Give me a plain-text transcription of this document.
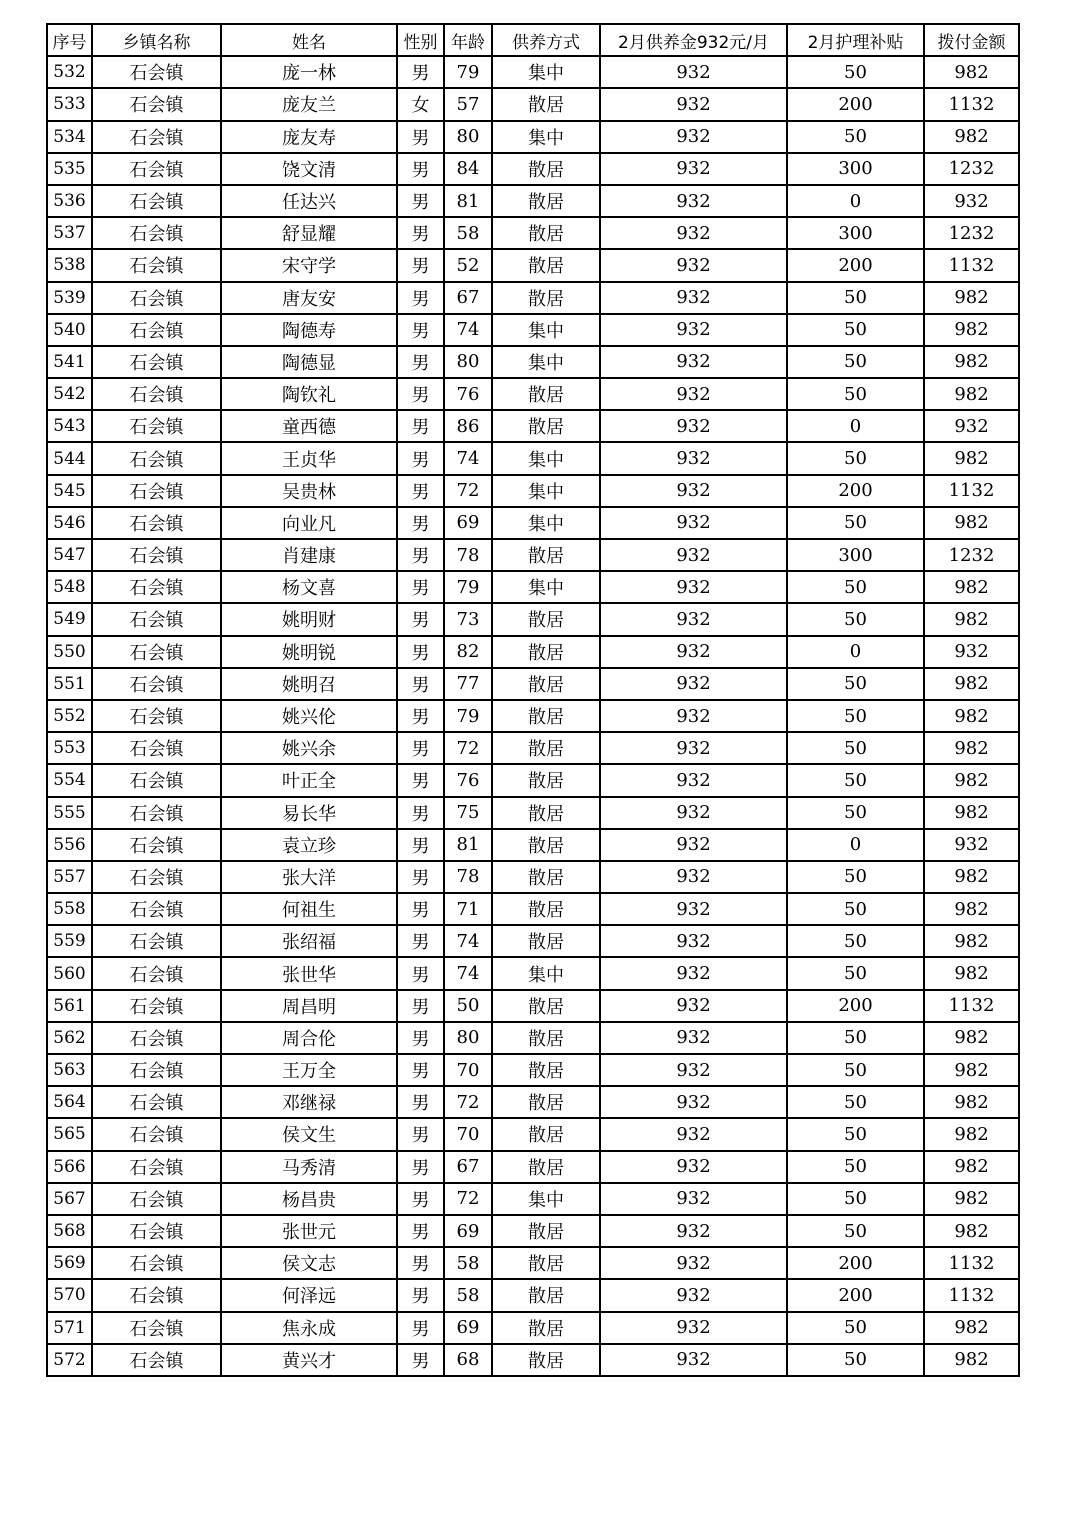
序号	乡镇名称	姓名	性别	年龄	供养方式	2月供养金932元/月	2月护理补贴	拨付金额
532	石会镇	庞一林	男	79	集中	932	50	982
533	石会镇	庞友兰	女	57	散居	932	200	1132
534	石会镇	庞友寿	男	80	集中	932	50	982
535	石会镇	饶文清	男	84	散居	932	300	1232
536	石会镇	任达兴	男	81	散居	932	0	932
537	石会镇	舒显耀	男	58	散居	932	300	1232
538	石会镇	宋守学	男	52	散居	932	200	1132
539	石会镇	唐友安	男	67	散居	932	50	982
540	石会镇	陶德寿	男	74	集中	932	50	982
541	石会镇	陶德显	男	80	集中	932	50	982
542	石会镇	陶钦礼	男	76	散居	932	50	982
543	石会镇	童西德	男	86	散居	932	0	932
544	石会镇	王贞华	男	74	集中	932	50	982
545	石会镇	吴贵林	男	72	集中	932	200	1132
546	石会镇	向业凡	男	69	集中	932	50	982
547	石会镇	肖建康	男	78	散居	932	300	1232
548	石会镇	杨文喜	男	79	集中	932	50	982
549	石会镇	姚明财	男	73	散居	932	50	982
550	石会镇	姚明锐	男	82	散居	932	0	932
551	石会镇	姚明召	男	77	散居	932	50	982
552	石会镇	姚兴伦	男	79	散居	932	50	982
553	石会镇	姚兴余	男	72	散居	932	50	982
554	石会镇	叶正全	男	76	散居	932	50	982
555	石会镇	易长华	男	75	散居	932	50	982
556	石会镇	袁立珍	男	81	散居	932	0	932
557	石会镇	张大洋	男	78	散居	932	50	982
558	石会镇	何祖生	男	71	散居	932	50	982
559	石会镇	张绍福	男	74	散居	932	50	982
560	石会镇	张世华	男	74	集中	932	50	982
561	石会镇	周昌明	男	50	散居	932	200	1132
562	石会镇	周合伦	男	80	散居	932	50	982
563	石会镇	王万全	男	70	散居	932	50	982
564	石会镇	邓继禄	男	72	散居	932	50	982
565	石会镇	侯文生	男	70	散居	932	50	982
566	石会镇	马秀清	男	67	散居	932	50	982
567	石会镇	杨昌贵	男	72	集中	932	50	982
568	石会镇	张世元	男	69	散居	932	50	982
569	石会镇	侯文志	男	58	散居	932	200	1132
570	石会镇	何泽远	男	58	散居	932	200	1132
571	石会镇	焦永成	男	69	散居	932	50	982
572	石会镇	黄兴才	男	68	散居	932	50	982
